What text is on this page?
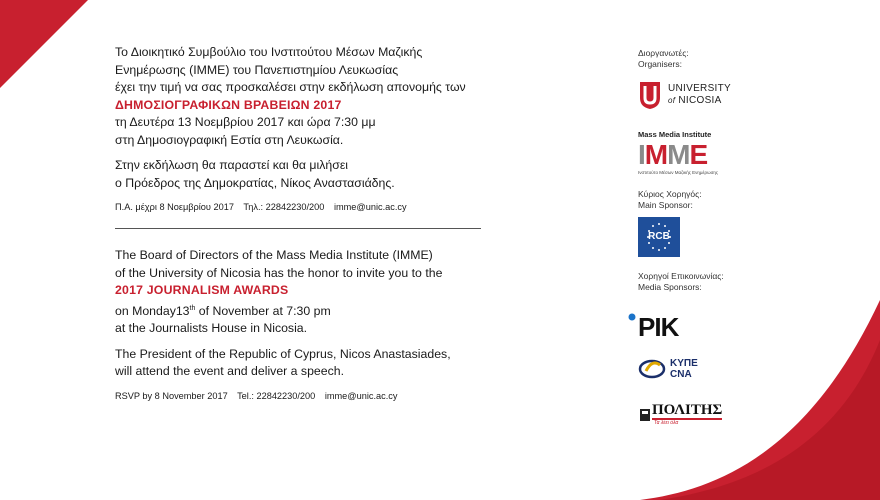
Το Διοικητικό Συμβούλιο του Ινστιτούτου Μέσων Μαζικής

Ενημέρωσης (ΙΜΜΕ) του Πανεπιστημίου Λευκωσίας

έχει την τιμή να σας προσκαλέσει στην εκδήλωση απονομής των

ΔΗΜΟΣΙΟΓΡΑΦΙΚΩΝ ΒΡΑΒΕΙΩΝ 2017

τη Δευτέρα 13 Νοεμβρίου 2017 και ώρα 7:30 μμ

στη Δημοσιογραφική Εστία στη Λευκωσία.

Στην εκδήλωση θα παραστεί και θα μιλήσει

ο Πρόεδρος της Δημοκρατίας, Νίκος Αναστασιάδης.

Π.Α. μέχρι 8 Νοεμβρίου 2017 Τηλ.: 22842230/200 imme@unic.ac.cy

The Board of Directors of the Mass Media Institute (IMME)

of the University of Nicosia has the honor to invite you to the

2017 JOURNALISM AWARDS

on Monday13th of November at 7:30 pm

at the Journalists House in Nicosia.

The President of the Republic of Cyprus, Nicos Anastasiades,

will attend the event and deliver a speech.

RSVP by 8 November 2017 Tel.: 22842230/200 imme@unic.ac.cy

Διοργανωτές:

Organisers:

UNIVERSITY
of NICOSIA
Mass Media Institute
I M M E
Ινστιτούτο Μέσων Μαζικής Ενημέρωσης

Κύριος Χορηγός:

Main Sponsor:

RCB

Χορηγοί Επικοινωνίας:

Media Sponsors:

ΡΙΚ
ΚΥΠΕ
CNA
ΠΟΛΙΤΗΣ
Τα λέει όλα
